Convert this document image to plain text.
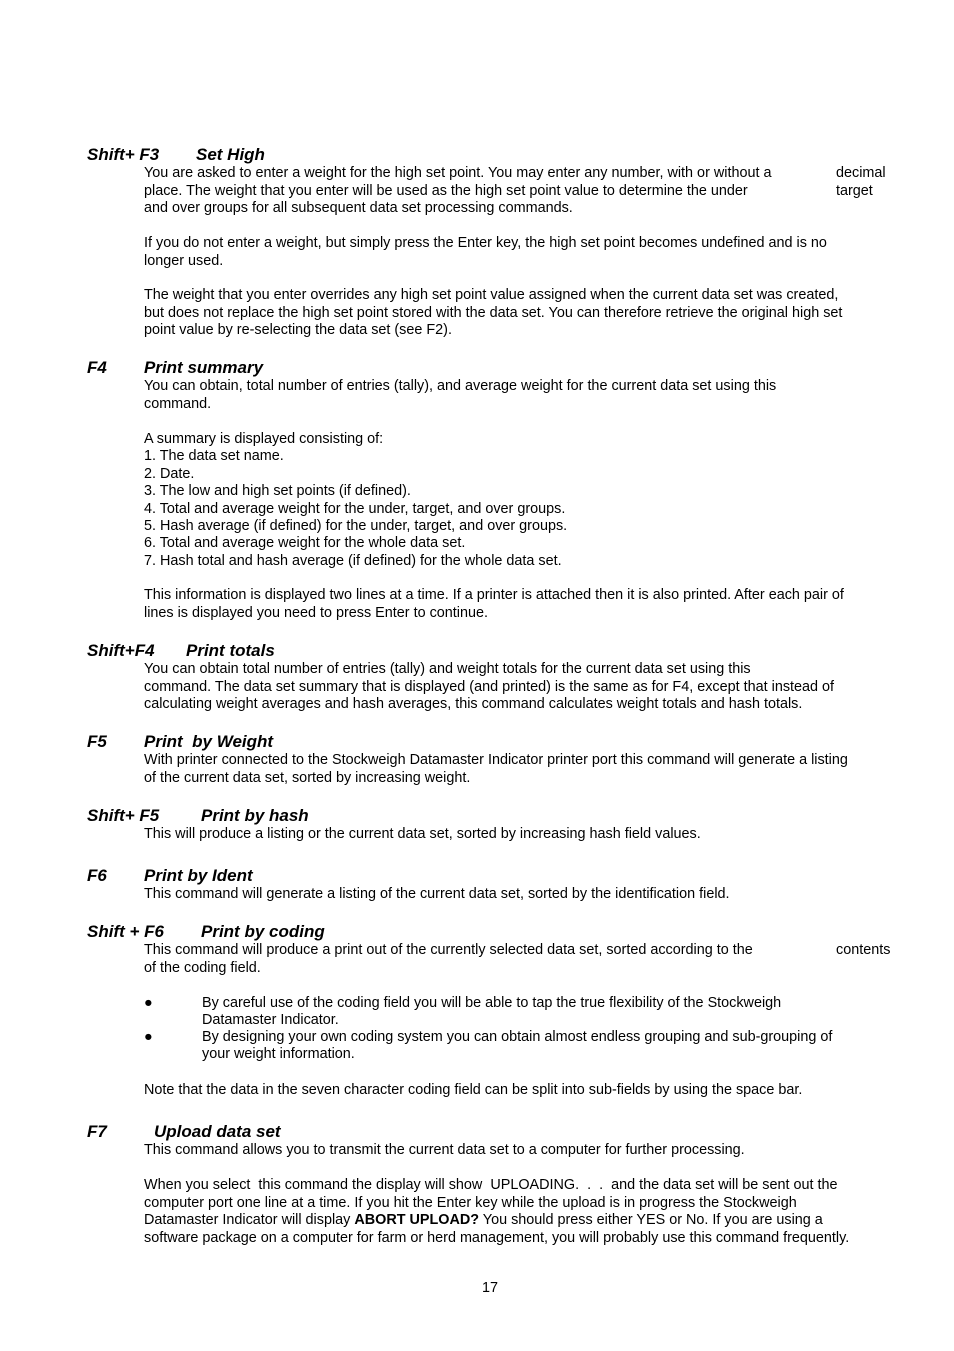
Shift+ F3 Set High
You are asked to enter a weight for the high set point. You may enter any number, with or without a	decimal
place. The weight that you enter will be used as the high set point value to determine the under	target
and over groups for all subsequent data set processing commands.
If you do not enter a weight, but simply press the Enter key, the high set point becomes undefined and is no
longer used.
The weight that you enter overrides any high set point value assigned when the current data set was created,
but does not replace the high set point stored with the data set. You can therefore retrieve the original high set
point value by re-selecting the data set (see F2).
F4 Print summary
You can obtain, total number of entries (tally), and average weight for the current data set using this
command.
A summary is displayed consisting of:
1. The data set name.
2. Date.
3. The low and high set points (if defined).
4. Total and average weight for the under, target, and over groups.
5. Hash average (if defined) for the under, target, and over groups.
6. Total and average weight for the whole data set.
7. Hash total and hash average (if defined) for the whole data set.
This information is displayed two lines at a time. If a printer is attached then it is also printed. After each pair of
lines is displayed you need to press Enter to continue.
Shift+F4 Print totals
You can obtain total number of entries (tally) and weight totals for the current data set using this
command. The data set summary that is displayed (and printed) is the same as for F4, except that instead of
calculating weight averages and hash averages, this command calculates weight totals and hash totals.
F5 Print  by Weight
With printer connected to the Stockweigh Datamaster Indicator printer port this command will generate a listing
of the current data set, sorted by increasing weight.
Shift+ F5 Print by hash
This will produce a listing or the current data set, sorted by increasing hash field values.
F6 Print by Ident
This command will generate a listing of the current data set, sorted by the identification field.
Shift + F6 Print by coding
This command will produce a print out of the currently selected data set, sorted according to the	contents
of the coding field.
●	By careful use of the coding field you will be able to tap the true flexibility of the Stockweigh
Datamaster Indicator.
●	By designing your own coding system you can obtain almost endless grouping and sub-grouping of
your weight information.
Note that the data in the seven character coding field can be split into sub-fields by using the space bar.
F7	Upload data set
This command allows you to transmit the current data set to a computer for further processing.
When you select  this command the display will show  UPLOADING.  .  .  and the data set will be sent out the
computer port one line at a time. If you hit the Enter key while the upload is in progress the Stockweigh
Datamaster Indicator will display ABORT UPLOAD? You should press either YES or No. If you are using a
software package on a computer for farm or herd management, you will probably use this command frequently.
17
